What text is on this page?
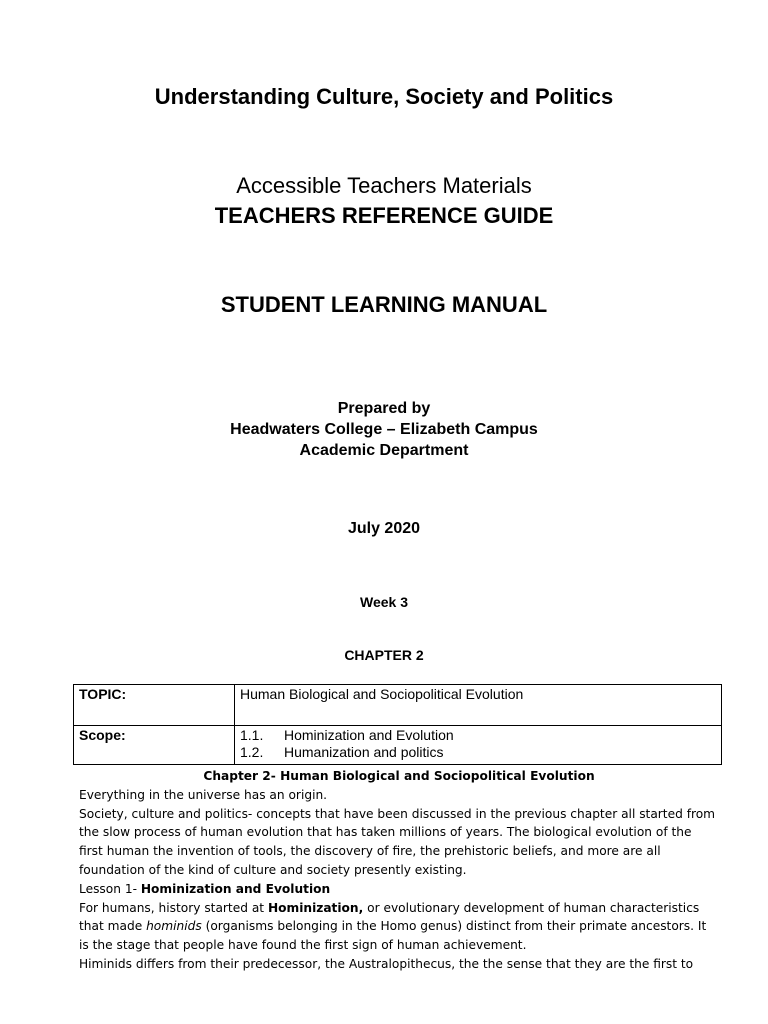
Understanding Culture, Society and Politics
Accessible Teachers Materials
TEACHERS REFERENCE GUIDE
STUDENT LEARNING MANUAL
Prepared by
Headwaters College – Elizabeth Campus
Academic Department
July 2020
Week 3
CHAPTER 2
TOPIC:	Human Biological and Sociopolitical Evolution
Scope:	1.1. Hominization and Evolution
1.2. Humanization and politics

Chapter 2- Human Biological and Sociopolitical Evolution

Everything in the universe has an origin.

Society, culture and politics- concepts that have been discussed in the previous chapter all started from the slow process of human evolution that has taken millions of years. The biological evolution of the first human the invention of tools, the discovery of fire, the prehistoric beliefs, and more are all foundation of the kind of culture and society presently existing.

Lesson 1- Hominization and Evolution

For humans, history started at Hominization, or evolutionary development of human characteristics that made hominids (organisms belonging in the Homo genus) distinct from their primate ancestors. It is the stage that people have found the first sign of human achievement.

Himinids differs from their predecessor, the Australopithecus, the the sense that they are the first to
